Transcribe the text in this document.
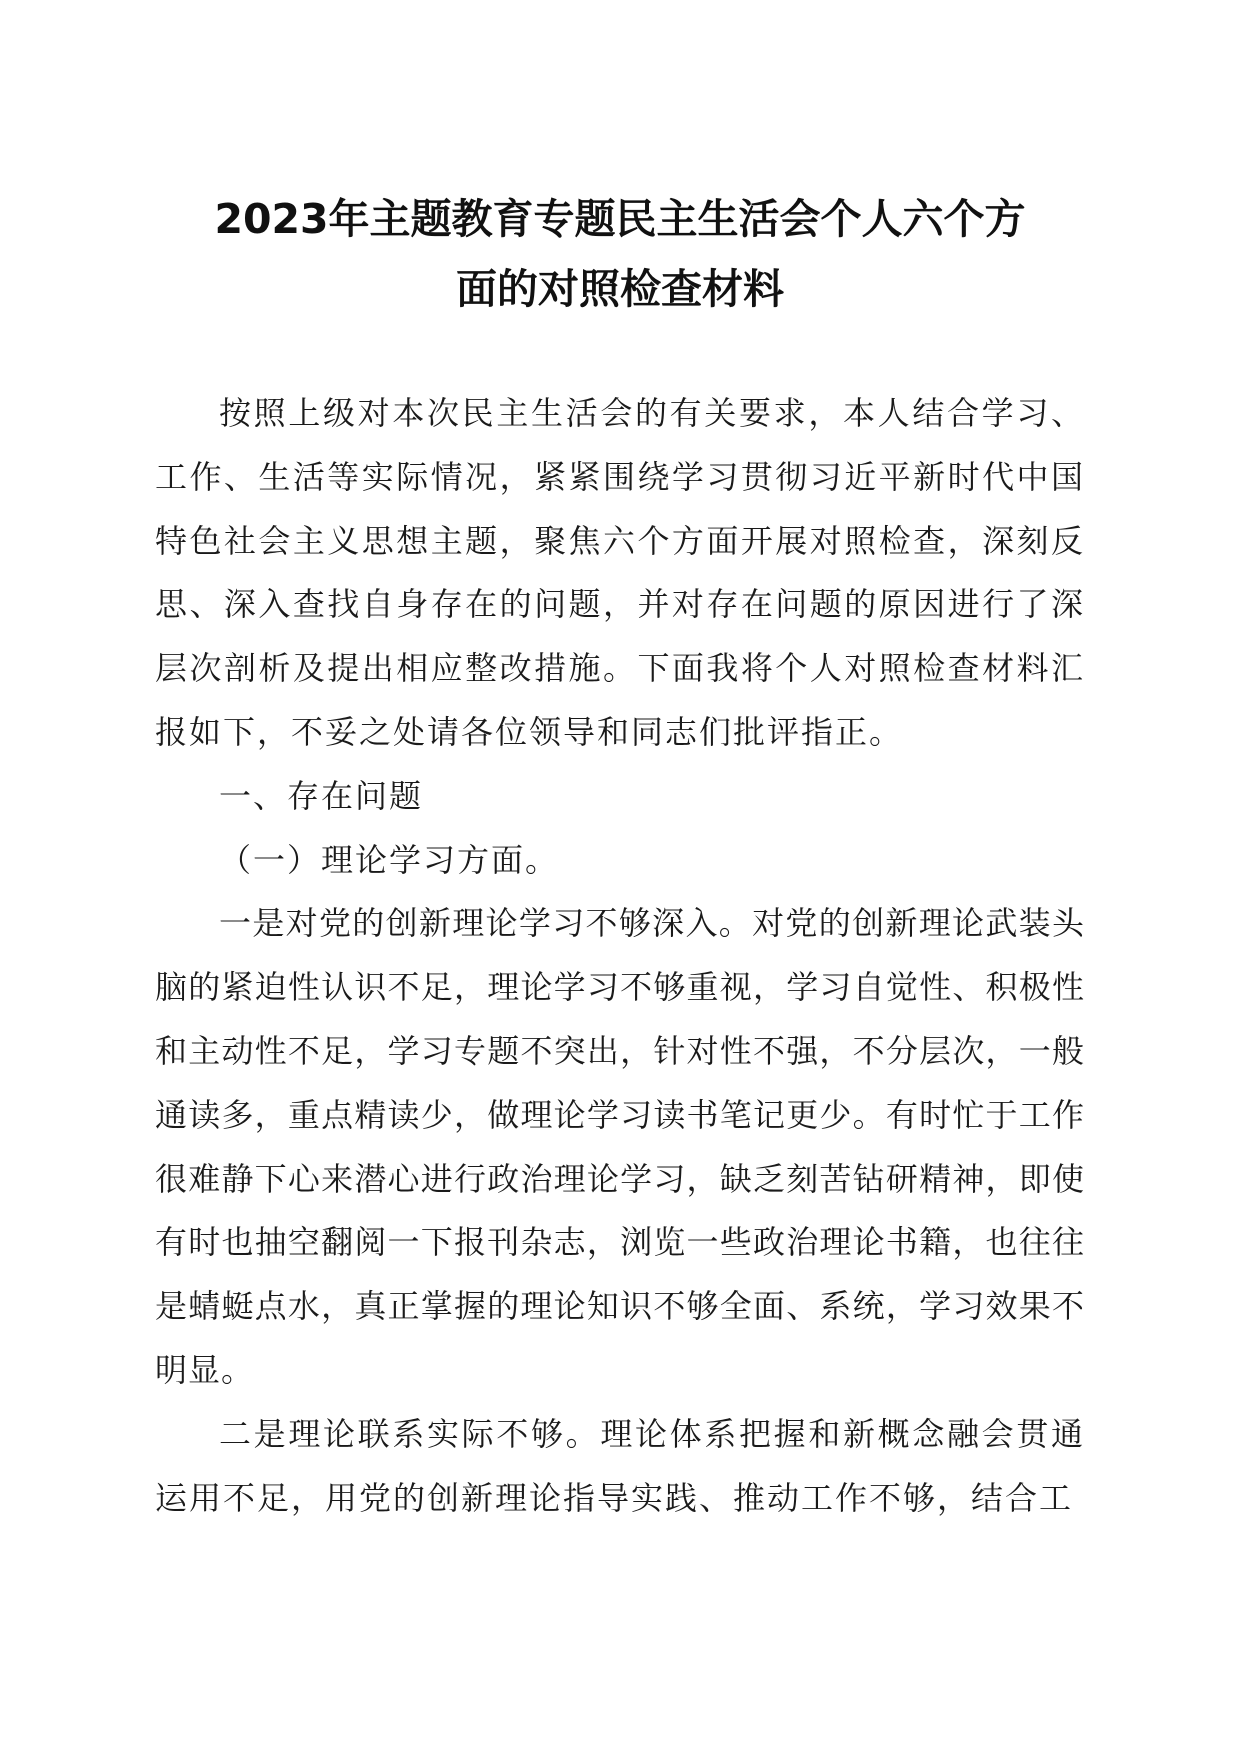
2023年主题教育专题民主生活会个人六个方
面的对照检查材料

按照上级对本次民主生活会的有关要求，本人结合学习、工作、生活等实际情况，紧紧围绕学习贯彻习近平新时代中国特色社会主义思想主题，聚焦六个方面开展对照检查，深刻反思、深入查找自身存在的问题，并对存在问题的原因进行了深层次剖析及提出相应整改措施。下面我将个人对照检查材料汇报如下，不妥之处请各位领导和同志们批评指正。

一、存在问题

（一）理论学习方面。

一是对党的创新理论学习不够深入。对党的创新理论武装头脑的紧迫性认识不足，理论学习不够重视，学习自觉性、积极性和主动性不足，学习专题不突出，针对性不强，不分层次，一般通读多，重点精读少，做理论学习读书笔记更少。有时忙于工作很难静下心来潜心进行政治理论学习，缺乏刻苦钻研精神，即使有时也抽空翻阅一下报刊杂志，浏览一些政治理论书籍，也往往是蜻蜓点水，真正掌握的理论知识不够全面、系统，学习效果不明显。

二是理论联系实际不够。理论体系把握和新概念融会贯通运用不足，用党的创新理论指导实践、推动工作不够，结合工
